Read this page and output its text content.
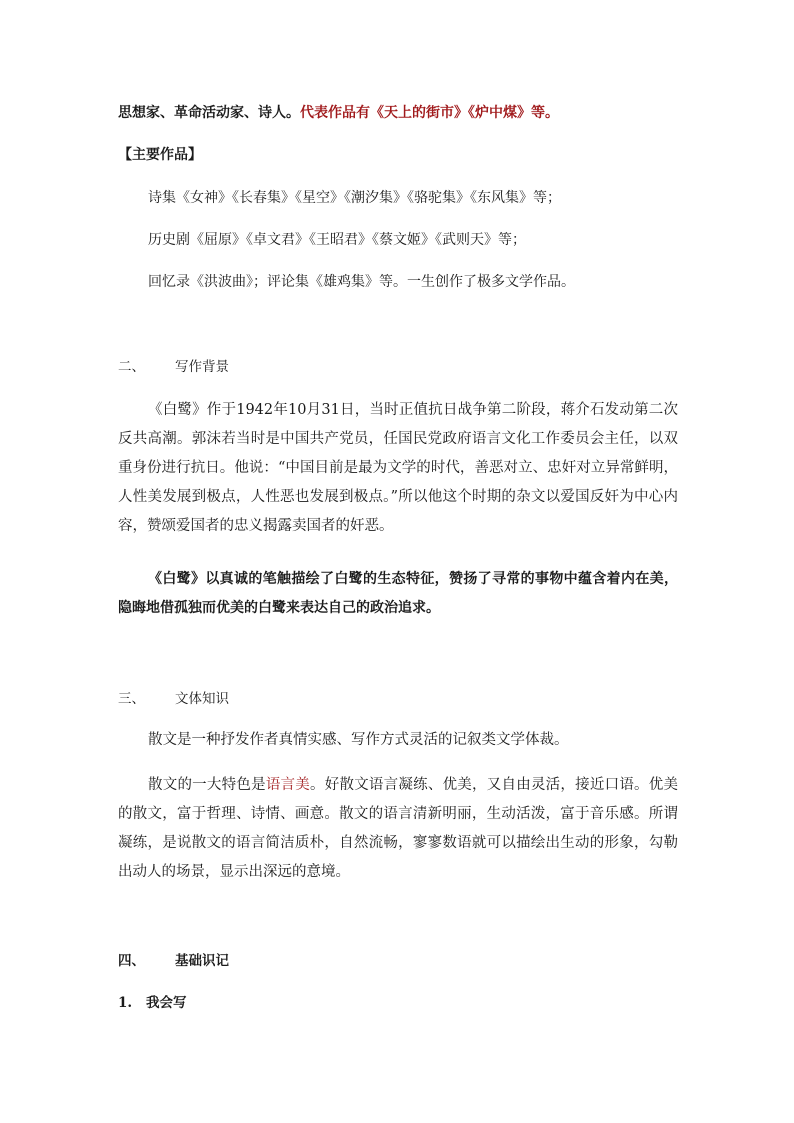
思想家、革命活动家、诗人。代表作品有《天上的街市》《炉中煤》等。
【主要作品】
诗集《女神》《长春集》《星空》《潮汐集》《骆驼集》《东风集》等；
历史剧《屈原》《卓文君》《王昭君》《蔡文姬》《武则天》等；
回忆录《洪波曲》；评论集《雄鸡集》等。一生创作了极多文学作品。
二、 写作背景
《白鹭》作于1942年10月31日，当时正值抗日战争第二阶段，蒋介石发动第二次反共高潮。郭沫若当时是中国共产党员，任国民党政府语言文化工作委员会主任，以双重身份进行抗日。他说：“中国目前是最为文学的时代，善恶对立、忠奸对立异常鲜明，人性美发展到极点，人性恶也发展到极点。”所以他这个时期的杂文以爱国反奸为中心内容，赞颂爱国者的忠义揭露卖国者的奸恶。
《白鹭》以真诚的笔触描绘了白鹭的生态特征，赞扬了寻常的事物中蕴含着内在美，隐晦地借孤独而优美的白鹭来表达自己的政治追求。
三、 文体知识
散文是一种抒发作者真情实感、写作方式灵活的记叙类文学体裁。
散文的一大特色是语言美。好散文语言凝练、优美，又自由灵活，接近口语。优美的散文，富于哲理、诗情、画意。散文的语言清新明丽，生动活泼，富于音乐感。所谓凝练，是说散文的语言简洁质朴，自然流畅，寥寥数语就可以描绘出生动的形象，勾勒出动人的场景，显示出深远的意境。
四、 基础识记
1. 我会写
